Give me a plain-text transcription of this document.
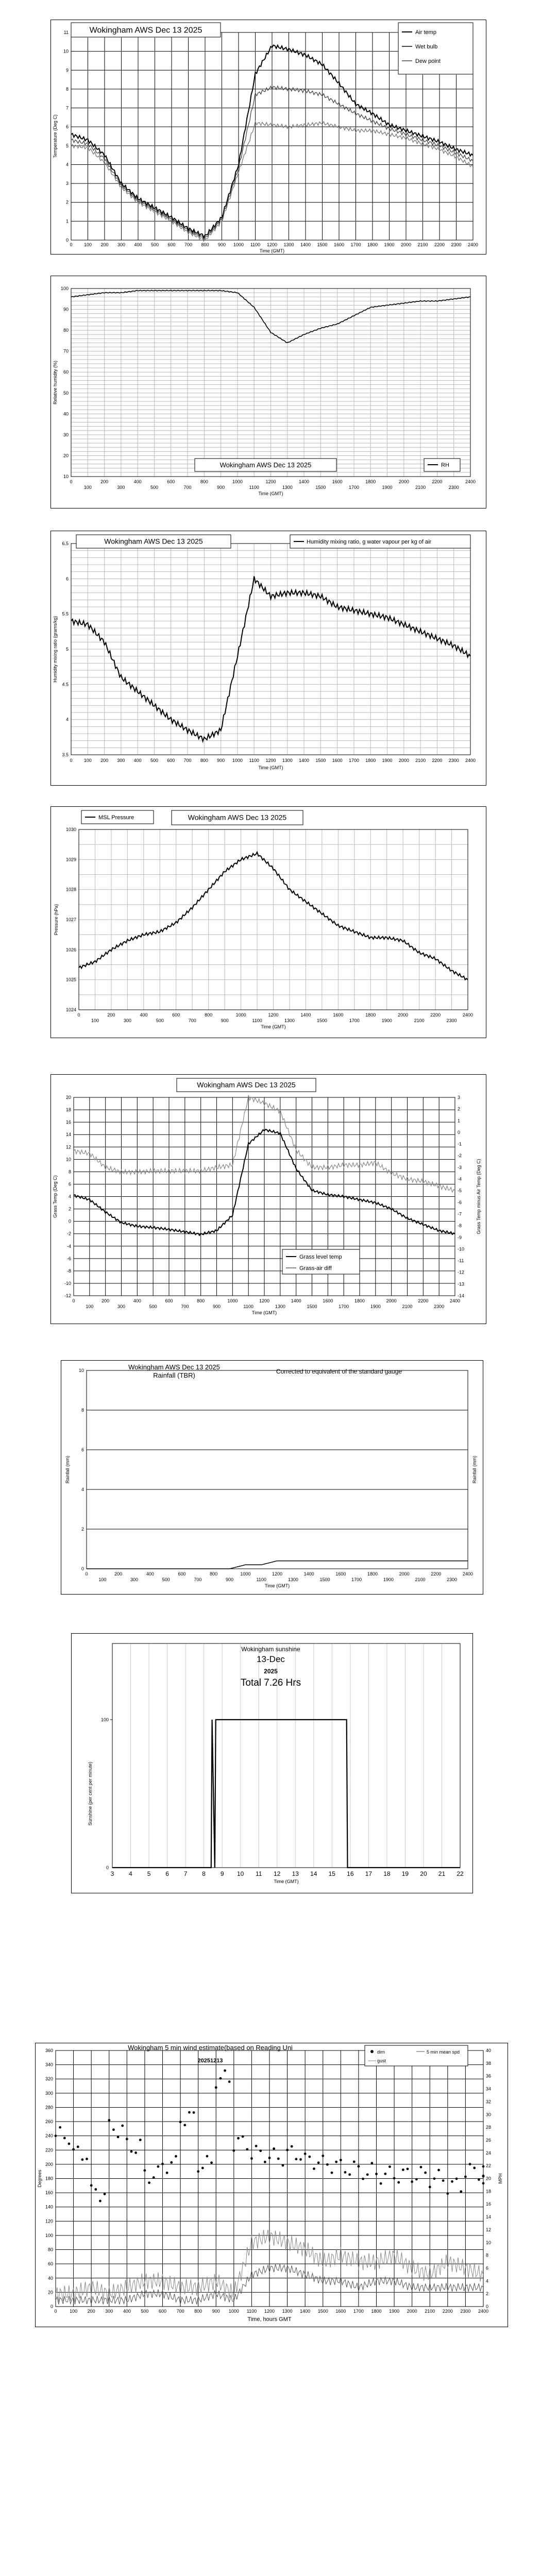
0
1
2
3
4
5
6
7
8
9
10
11
0 100 200 300 400 500 600 700 800 900 1000 1100 1200 1300 1400 1500 1600 1700 1800 1900 2000 2100 2200 2300 2400
Time (GMT)
Temperature (Deg C)
Wokingham AWS Dec 13 2025	Air temp
Wet bulb
Dew point
10
20
30
40
50
60
70
80
90
100
0	200	400	600	800	1000	1200	1400	1600	1800	2000	2200	2400
100	300	500	700	900	1100	1300	1500	1700	1900	2100	2300
Time (GMT)
Relative humidity (%)
Wokingham AWS Dec 13 2025	RH
3.5
4
4.5
5
5.5
6
6.5
0 100 200 300 400 500 600 700 800 900 1000 1100 1200 1300 1400 1500 1600 1700 1800 1900 2000 2100 2200 2300 2400
Time (GMT)
Humidity mixing ratio (grams/kg)
Wokingham AWS Dec 13 2025	Humidity mixing ratio, g water vapour per kg of air
1024
1025
1026
1027
1028
1029
1030
0	200	400	600	800	1000	1200	1400	1600	1800	2000	2200	2400
100	300	500	700	900	1100	1300	1500	1700	1900	2100	2300
Time (GMT)
Pressure (hPa)
MSL Pressure	Wokingham AWS Dec 13 2025
-12
-10
-8
-6
-4
-2
0
2
4
6
8
10
12
14
16
18
20
-14
-13
-12
-11
-10
-9
-8
-7
-6
-5
-4
-3
-2
-1
0
1
2
3
0	200	400	600	800	1000	1200	1400	1600	1800	2000	2200	2400
100	300	500	700	900	1100	1300	1500	1700	1900	2100	2300
Time (GMT)
Grass Temp (Deg C)	Grass Temp minus Air Temp (Deg C)
Wokingham AWS Dec 13 2025
Grass level temp
Grass-air diff
0
2
4
6
8
10
0	200	400	600	800	1000	1200	1400	1600	1800	2000	2200	2400
100	300	500	700	900	1100	1300	1500	1700	1900	2100	2300
Time (GMT)
Rainfall (mm)	Rainfall (mm)
Wokingham AWS Dec 13 2025
Rainfall (TBR)	Corrected to equivalent of the standard gauge
100
0
3 4 5 6 7 8 9 10 11 12 13 14 15 16 17 18 19 20 21 22
Time (GMT)
Sunshine (per cent per minute)
Wokingham sunshine
13-Dec
2025
Total 7.26 Hrs
0
20
40
60
80
100
120
140
160
180
200
220
240
260
280
300
320
340
360
0
2
4
6
8
10
12
14
16
18
20
22
24
26
28
30
32
34
36
38
40
0	100 200 300 400 500 600 700 800 900 1000 1100 1200 1300 1400 1500 1600 1700 1800 1900 2000 2100 2200 2300 2400
Time, hours GMT
Degrees	MPH
Wokingham 5 min wind estimate(based on Reading Uni
20251213
dirn
gust
5 min mean spd
